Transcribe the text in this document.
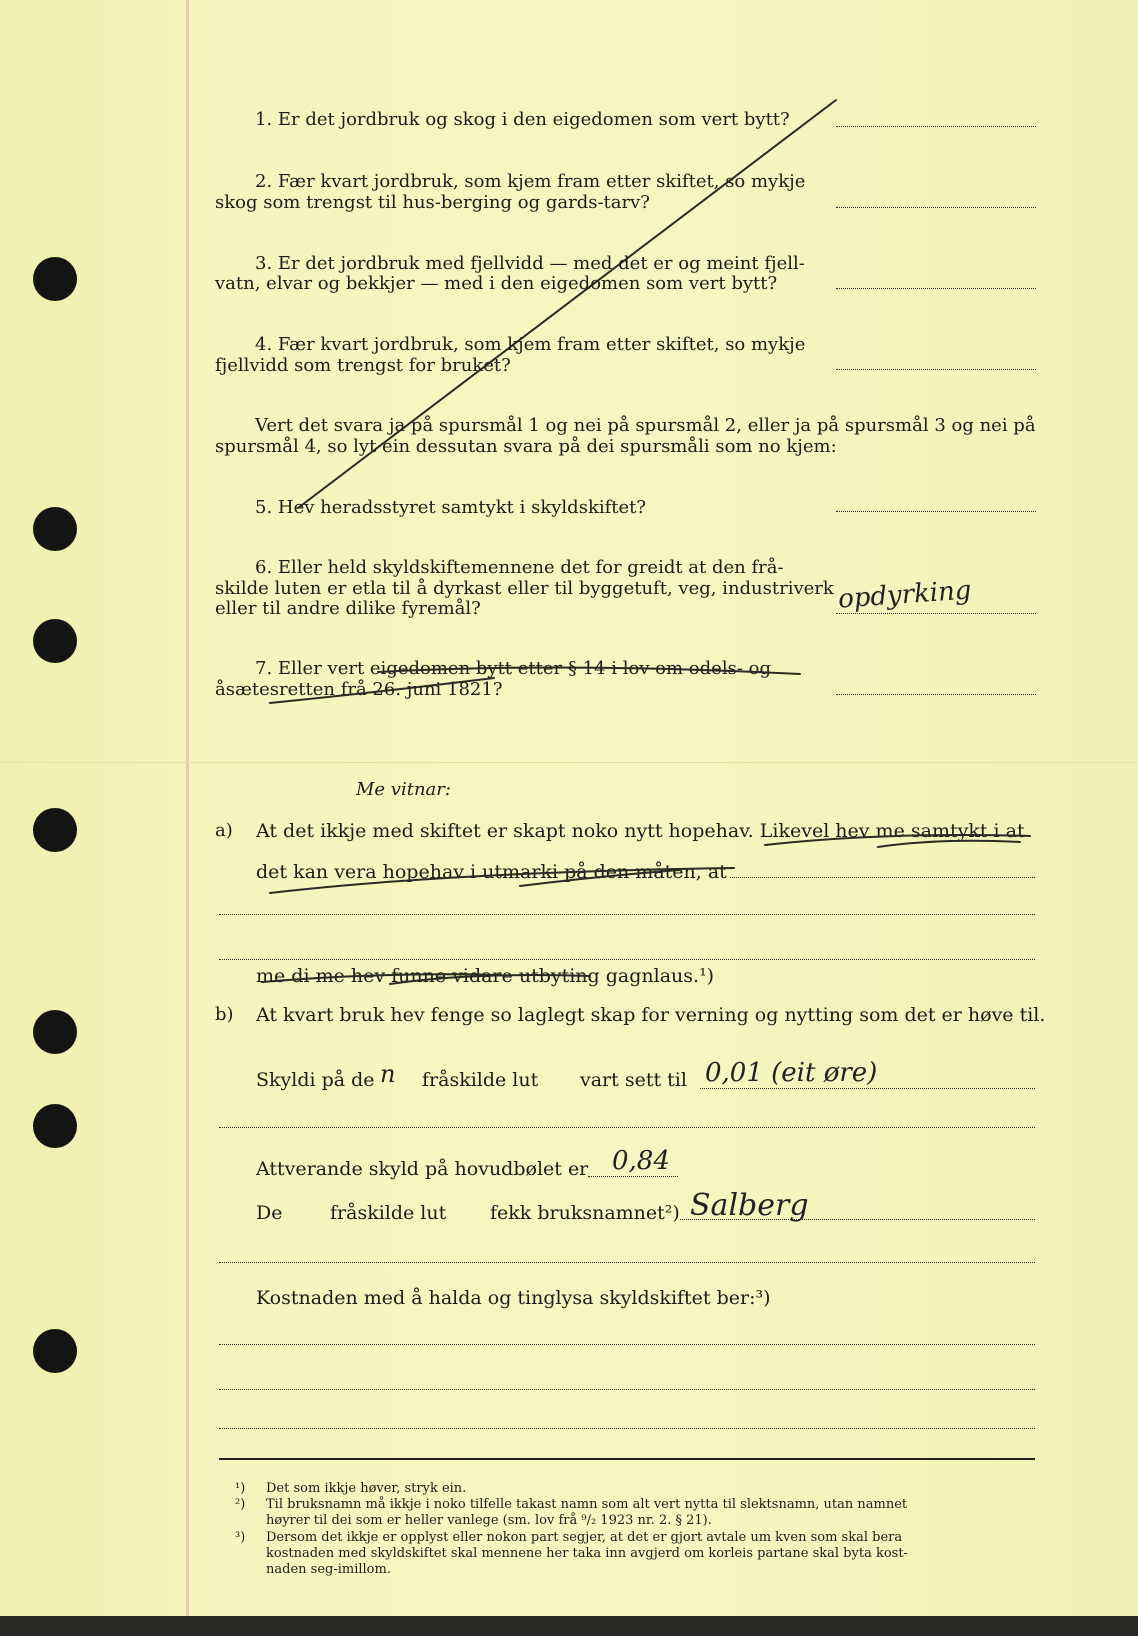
1. Er det jordbruk og skog i den eigedomen som vert bytt?
2. Fær kvart jordbruk, som kjem fram etter skiftet, so mykje
skog som trengst til hus-berging og gards-tarv?
3. Er det jordbruk med fjellvidd — med det er og meint fjell-
vatn, elvar og bekkjer — med i den eigedomen som vert bytt?
4. Fær kvart jordbruk, som kjem fram etter skiftet, so mykje
fjellvidd som trengst for bruket?
Vert det svara ja på spursmål 1 og nei på spursmål 2, eller ja på spursmål 3 og nei på
spursmål 4, so lyt ein dessutan svara på dei spursmåli som no kjem:
5. Hev heradsstyret samtykt i skyldskiftet?
6. Eller held skyldskiftemennene det for greidt at den frå-
skilde luten er etla til å dyrkast eller til byggetuft, veg, industriverk
eller til andre dilike fyremål?	opdyrking
7. Eller vert eigedomen bytt etter § 14 i lov om odels- og
åsætesretten frå 26. juni 1821?
Me vitnar:
a) At det ikkje med skiftet er skapt noko nytt hopehav. Likevel hev me samtykt i at
det kan vera hopehav i utmarki på den måten, at
me di me hev funne vidare utbyting gagnlaus.¹)
b) At kvart bruk hev fenge so laglegt skap for verning og nytting som det er høve til.
Skyldi på de n fråskilde lut vart sett til 0,01 (eit øre)
Attverande skyld på hovudbølet er 0,84
De	fråskilde lut fekk bruksnamnet²) Salberg
Kostnaden med å halda og tinglysa skyldskiftet ber:³)
¹) Det som ikkje høver, stryk ein.
²) Til bruksnamn må ikkje i noko tilfelle takast namn som alt vert nytta til slektsnamn, utan namnet
høyrer til dei som er heller vanlege (sm. lov frå ⁹/₂ 1923 nr. 2. § 21).
³) Dersom det ikkje er opplyst eller nokon part segjer, at det er gjort avtale um kven som skal bera
kostnaden med skyldskiftet skal mennene her taka inn avgjerd om korleis partane skal byta kost-
naden seg-imillom.
